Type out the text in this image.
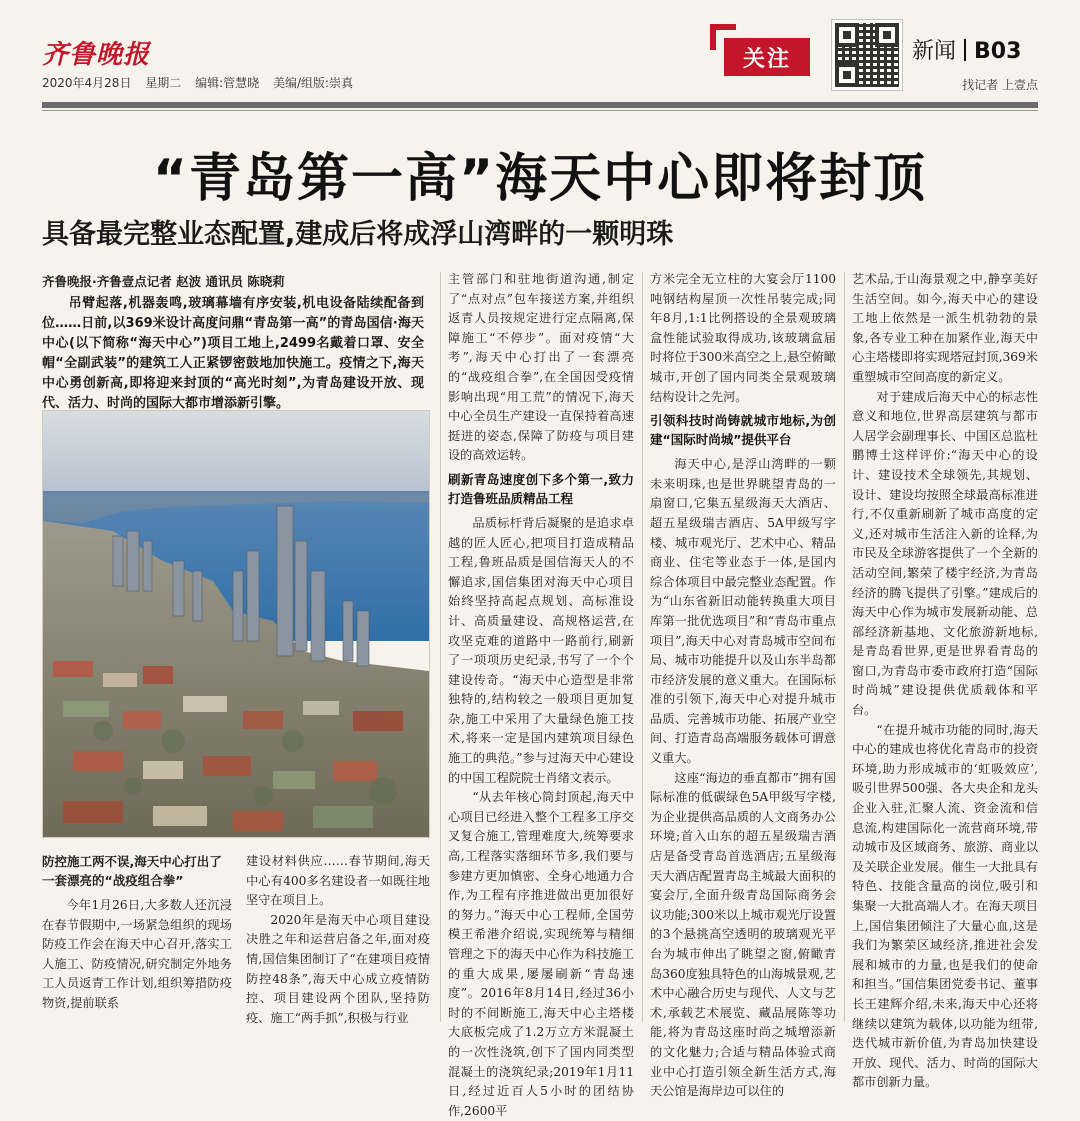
齐鲁晚报
2020年4月28日 星期二 编辑:管慧晓 美编/组版:崇真
关注	新闻 B03
找记者 上壹点
“青岛第一高”海天中心即将封顶
具备最完整业态配置,建成后将成浮山湾畔的一颗明珠
齐鲁晚报·齐鲁壹点记者 赵波 通讯员 陈晓莉
吊臂起落,机器轰鸣,玻璃幕墙有序安装,机电设备陆续配备到位……日前,以369米设计高度问鼎“青岛第一高”的青岛国信·海天中心(以下简称“海天中心”)项目工地上,2499名戴着口罩、安全帽“全副武装”的建筑工人正紧锣密鼓地加快施工。疫情之下,海天中心勇创新高,即将迎来封顶的“高光时刻”,为青岛建设开放、现代、活力、时尚的国际大都市增添新引擎。
防控施工两不误,海天中心打出了一套漂亮的“战疫组合拳”

今年1月26日,大多数人还沉浸在春节假期中,一场紧急组织的现场防疫工作会在海天中心召开,落实工人施工、防疫情况,研究制定外地务工人员返青工作计划,组织筹措防疫物资,提前联系

建设材料供应……春节期间,海天中心有400多名建设者一如既往地坚守在项目上。

2020年是海天中心项目建设决胜之年和运营启备之年,面对疫情,国信集团制订了“在建项目疫情防控48条”,海天中心成立疫情防控、项目建设两个团队,坚持防疫、施工“两手抓”,积极与行业

主管部门和驻地街道沟通,制定了“点对点”包车接送方案,并组织返青人员按规定进行定点隔离,保障施工“不停步”。面对疫情“大考”,海天中心打出了一套漂亮的“战疫组合拳”,在全国因受疫情影响出现“用工荒”的情况下,海天中心全员生产建设一直保持着高速挺进的姿态,保障了防疫与项目建设的高效运转。

刷新青岛速度创下多个第一,致力打造鲁班品质精品工程

品质标杆背后凝聚的是追求卓越的匠人匠心,把项目打造成精品工程,鲁班品质是国信海天人的不懈追求,国信集团对海天中心项目始终坚持高起点规划、高标准设计、高质量建设、高规格运营,在攻坚克难的道路中一路前行,刷新了一项项历史纪录,书写了一个个建设传奇。“海天中心造型是非常独特的,结构较之一般项目更加复杂,施工中采用了大量绿色施工技术,将来一定是国内建筑项目绿色施工的典范。”参与过海天中心建设的中国工程院院士肖绪文表示。

“从去年核心筒封顶起,海天中心项目已经进入整个工程多工序交叉复合施工,管理难度大,统筹要求高,工程落实落细环节多,我们要与参建方更加慎密、全身心地通力合作,为工程有序推进做出更加很好的努力。”海天中心工程师,全国劳模王希港介绍说,实现统筹与精细管理之下的海天中心作为科技施工的重大成果,屡屡刷新“青岛速度”。2016年8月14日,经过36小时的不间断施工,海天中心主塔楼大底板完成了1.2万立方米混凝土的一次性浇筑,创下了国内同类型混凝土的浇筑纪录;2019年1月11日,经过近百人5小时的团结协作,2600平

方米完全无立柱的大宴会厅1100吨钢结构屋顶一次性吊装完成;同年8月,1:1比例搭设的全景观玻璃盒性能试验取得成功,该玻璃盒届时将位于300米高空之上,悬空俯瞰城市,开创了国内同类全景观玻璃结构设计之先河。

引领科技时尚铸就城市地标,为创建“国际时尚城”提供平台

海天中心,是浮山湾畔的一颗未来明珠,也是世界眺望青岛的一扇窗口,它集五星级海天大酒店、超五星级瑞吉酒店、5A甲级写字楼、城市观光厅、艺术中心、精品商业、住宅等业态于一体,是国内综合体项目中最完整业态配置。作为“山东省新旧动能转换重大项目库第一批优选项目”和“青岛市重点项目”,海天中心对青岛城市空间布局、城市功能提升以及山东半岛都市经济发展的意义重大。在国际标准的引领下,海天中心对提升城市品质、完善城市功能、拓展产业空间、打造青岛高端服务载体可谓意义重大。

这座“海边的垂直都市”拥有国际标准的低碳绿色5A甲级写字楼,为企业提供高品质的人文商务办公环境;首入山东的超五星级瑞吉酒店是备受青岛首选酒店;五星级海天大酒店配置青岛主城最大面积的宴会厅,全面升级青岛国际商务会议功能;300米以上城市观光厅设置的3个悬挑高空透明的玻璃观光平台为城市伸出了眺望之窗,俯瞰青岛360度独具特色的山海城景观,艺术中心融合历史与现代、人文与艺术,承载艺术展览、藏品展陈等功能,将为青岛这座时尚之城增添新的文化魅力;合适与精品体验式商业中心打造引领全新生活方式,海天公馆是海岸边可以住的

艺术品,于山海景观之中,静享美好生活空间。如今,海天中心的建设工地上依然是一派生机勃勃的景象,各专业工种在加紧作业,海天中心主塔楼即将实现塔冠封顶,369米重塑城市空间高度的新定义。

对于建成后海天中心的标志性意义和地位,世界高层建筑与都市人居学会副理事长、中国区总监杜鹏博士这样评价:“海天中心的设计、建设技术全球领先,其规划、设计、建设均按照全球最高标准进行,不仅重新刷新了城市高度的定义,还对城市生活注入新的诠释,为市民及全球游客提供了一个全新的活动空间,繁荣了楼宇经济,为青岛经济的腾飞提供了引擎。”建成后的海天中心作为城市发展新动能、总部经济新基地、文化旅游新地标,是青岛看世界,更是世界看青岛的窗口,为青岛市委市政府打造“国际时尚城”建设提供优质载体和平台。

“在提升城市功能的同时,海天中心的建成也将优化青岛市的投资环境,助力形成城市的‘虹吸效应’,吸引世界500强、各大央企和龙头企业入驻,汇聚人流、资金流和信息流,构建国际化一流营商环境,带动城市及区域商务、旅游、商业以及关联企业发展。催生一大批具有特色、技能含量高的岗位,吸引和集聚一大批高端人才。在海天项目上,国信集团倾注了大量心血,这是我们为繁荣区域经济,推进社会发展和城市的力量,也是我们的使命和担当。”国信集团党委书记、董事长王建辉介绍,未来,海天中心还将继续以建筑为载体,以功能为纽带,迭代城市新价值,为青岛加快建设开放、现代、活力、时尚的国际大都市创新力量。
